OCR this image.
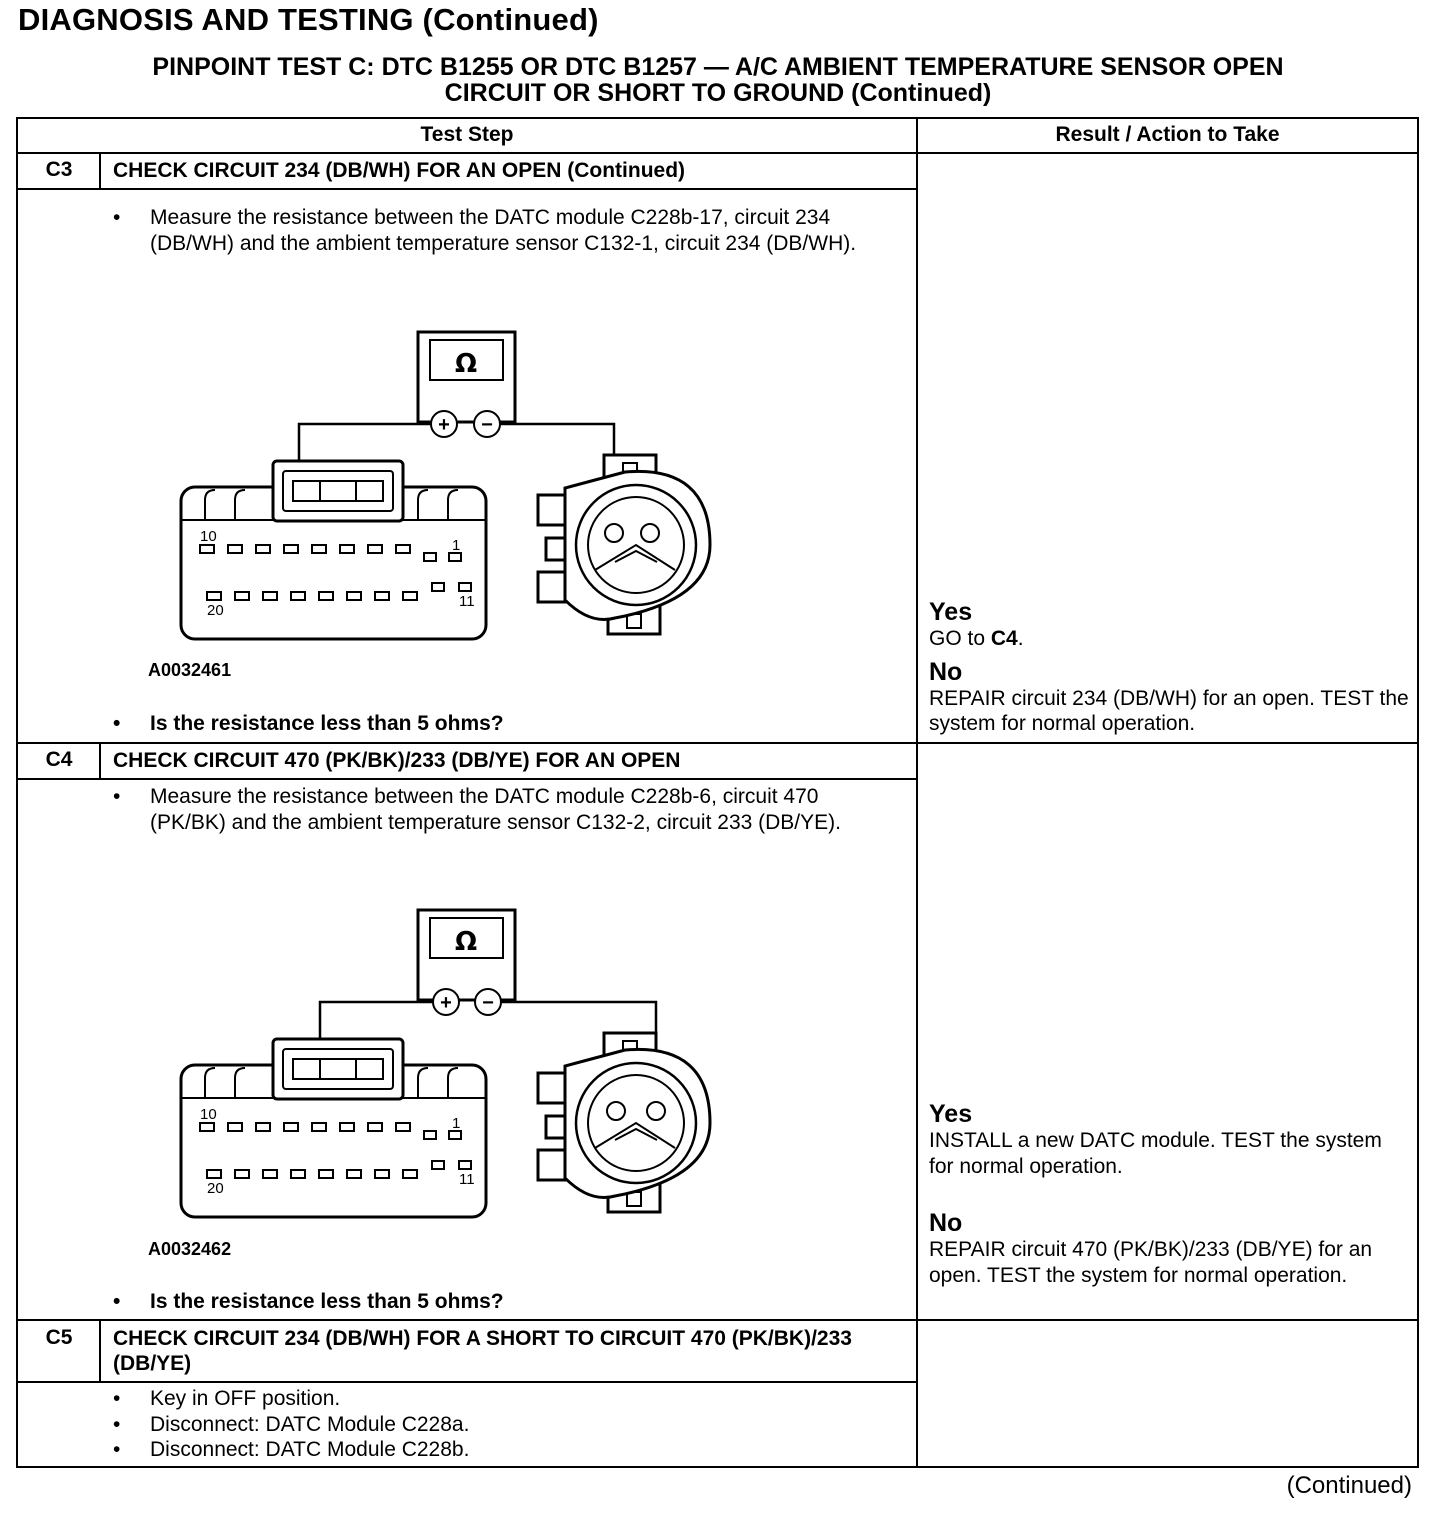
DIAGNOSIS AND TESTING (Continued)
PINPOINT TEST C: DTC B1255 OR DTC B1257 — A/C AMBIENT TEMPERATURE SENSOR OPEN
CIRCUIT OR SHORT TO GROUND (Continued)
Test Step	Result / Action to Take
C3	CHECK CIRCUIT 234 (DB/WH) FOR AN OPEN (Continued)
• Measure the resistance between the DATC module C228b-17, circuit 234 (DB/WH) and the ambient temperature sensor C132-1, circuit 234 (DB/WH).
Ω
+ −
10
1
20
11
A0032461
• Is the resistance less than 5 ohms?
Yes
GO to C4.
No
REPAIR circuit 234 (DB/WH) for an open. TEST the system for normal operation.
C4	CHECK CIRCUIT 470 (PK/BK)/233 (DB/YE) FOR AN OPEN
• Measure the resistance between the DATC module C228b-6, circuit 470 (PK/BK) and the ambient temperature sensor C132-2, circuit 233 (DB/YE).
Ω
+ −
10
1
20
11
A0032462
• Is the resistance less than 5 ohms?
Yes
INSTALL a new DATC module. TEST the system for normal operation.
No
REPAIR circuit 470 (PK/BK)/233 (DB/YE) for an open. TEST the system for normal operation.
C5	CHECK CIRCUIT 234 (DB/WH) FOR A SHORT TO CIRCUIT 470 (PK/BK)/233 (DB/YE)
• Key in OFF position.
• Disconnect: DATC Module C228a.
• Disconnect: DATC Module C228b.
(Continued)
